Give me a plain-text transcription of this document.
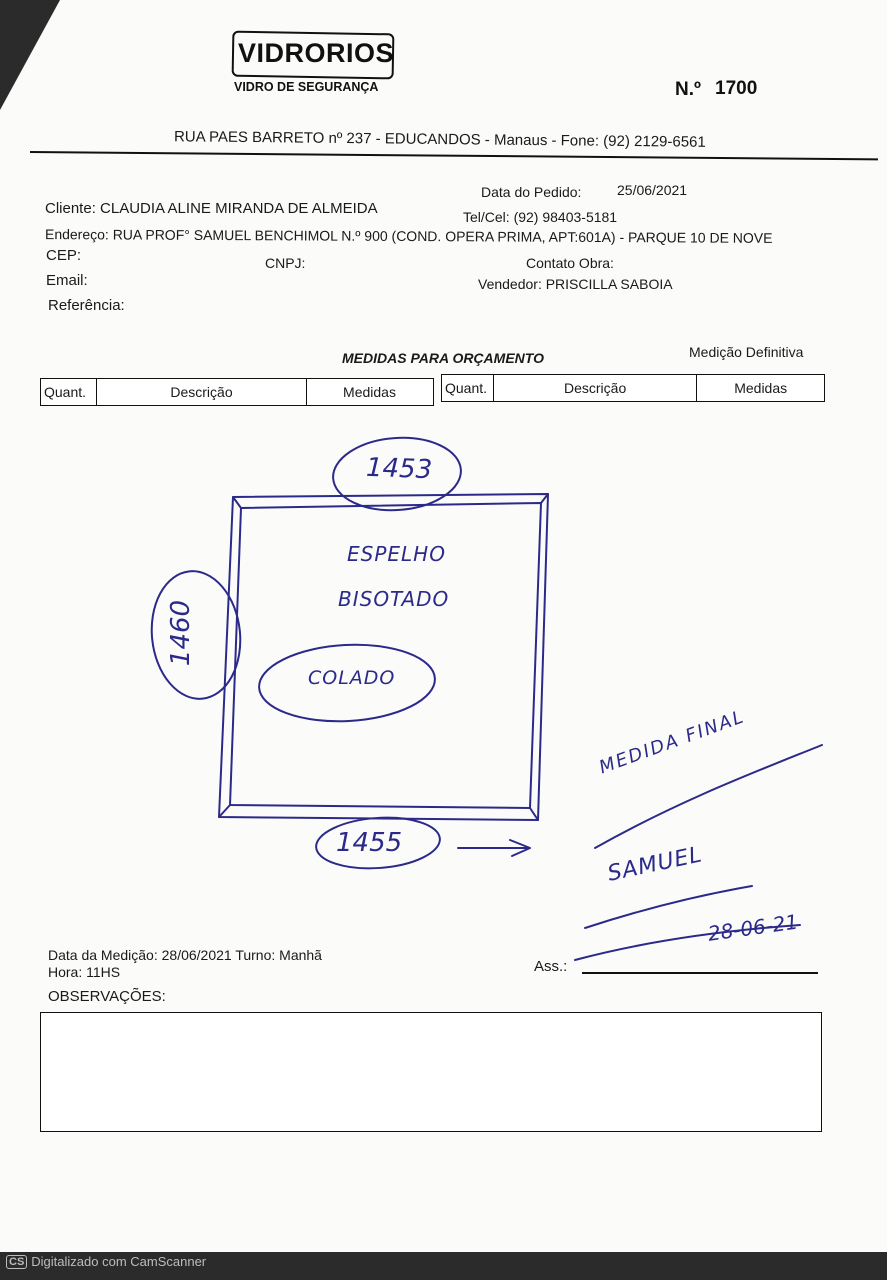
VIDRORIOS
VIDRO DE SEGURANÇA	N.º 1700
RUA PAES BARRETO nº 237 - EDUCANDOS - Manaus - Fone: (92) 2129-6561
Data do Pedido:	25/06/2021
Cliente: CLAUDIA ALINE MIRANDA DE ALMEIDA	Tel/Cel: (92) 98403-5181
Endereço: RUA PROF° SAMUEL BENCHIMOL N.º 900 (COND. OPERA PRIMA, APT:601A) - PARQUE 10 DE NOVE
CEP:	CNPJ:	Contato Obra:
Email:	Vendedor: PRISCILLA SABOIA
Referência:
MEDIDAS PARA ORÇAMENTO	Medição Definitiva
Quant.	Descrição	Medidas	Quant.	Descrição	Medidas
1453
1460
1455
ESPELHO
BISOTADO
COLADO
MEDIDA FINAL
SAMUEL
28-06-21
Data da Medição: 28/06/2021 Turno: Manhã
Hora: 11HS	Ass.:
OBSERVAÇÕES:
CS Digitalizado com CamScanner
